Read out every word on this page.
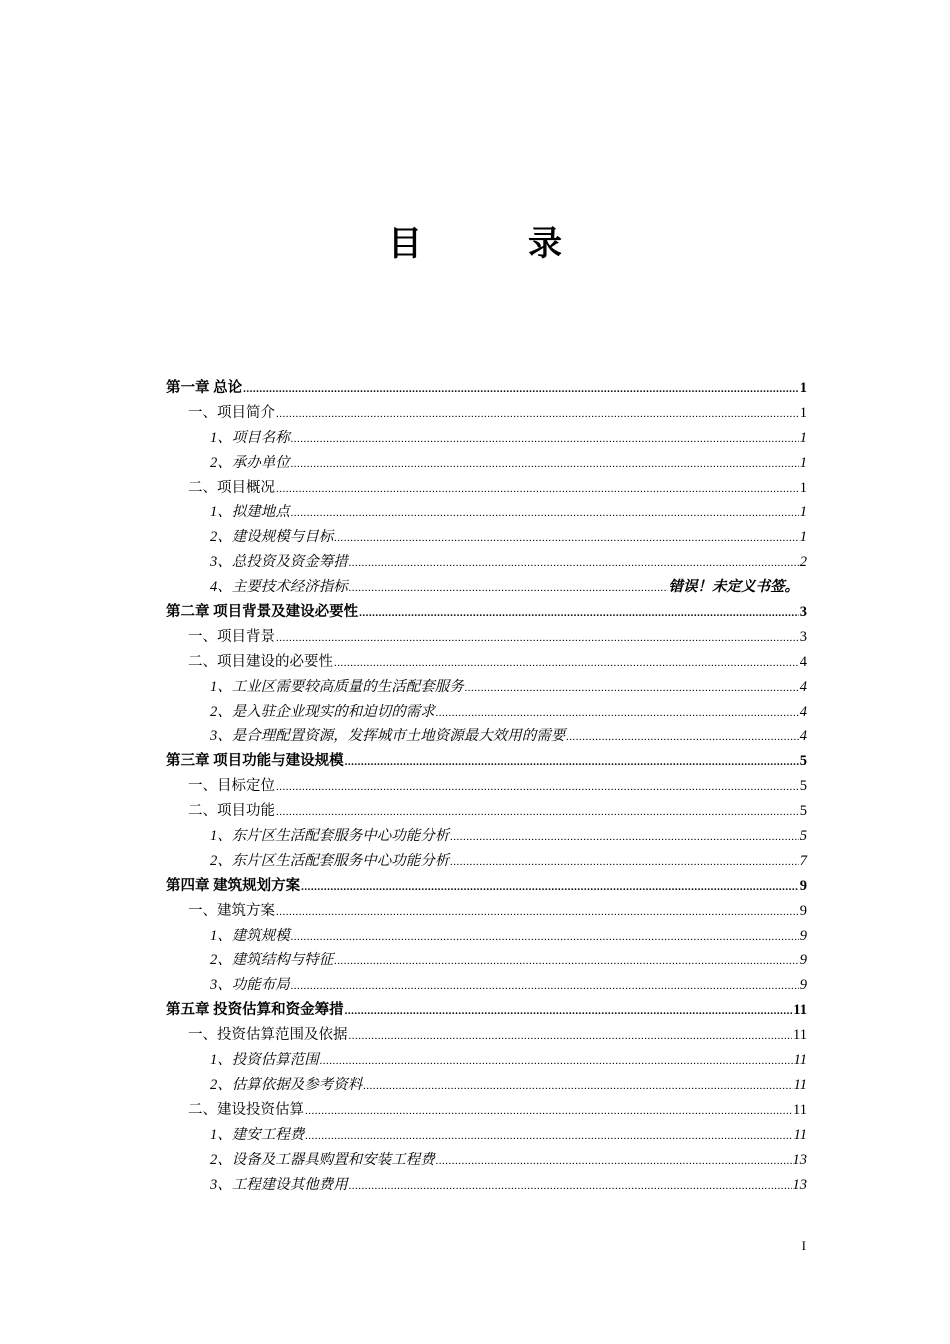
目　录
第一章 总论 .....	1
一、项目简介 .....	1
1、项目名称 .....	1
2、承办单位 .....	1
二、项目概况 .....	1
1、拟建地点 .....	1
2、建设规模与目标 .....	1
3、总投资及资金筹措 .....	2
4、主要技术经济指标 .....	错误！未定义书签。
第二章 项目背景及建设必要性 .....	3
一、项目背景 .....	3
二、项目建设的必要性 .....	4
1、工业区需要较高质量的生活配套服务 .....	4
2、是入驻企业现实的和迫切的需求 .....	4
3、是合理配置资源，发挥城市土地资源最大效用的需要 .....	4
第三章 项目功能与建设规模 .....	5
一、目标定位 .....	5
二、项目功能 .....	5
1、东片区生活配套服务中心功能分析 .....	5
2、东片区生活配套服务中心功能分析 .....	7
第四章 建筑规划方案 .....	9
一、建筑方案 .....	9
1、建筑规模 .....	9
2、建筑结构与特征 .....	9
3、功能布局 .....	9
第五章 投资估算和资金筹措 .....	11
一、投资估算范围及依据 .....	11
1、投资估算范围 .....	11
2、估算依据及参考资料 .....	11
二、建设投资估算 .....	11
1、建安工程费 .....	11
2、设备及工器具购置和安装工程费 .....	13
3、工程建设其他费用 .....	13
I
